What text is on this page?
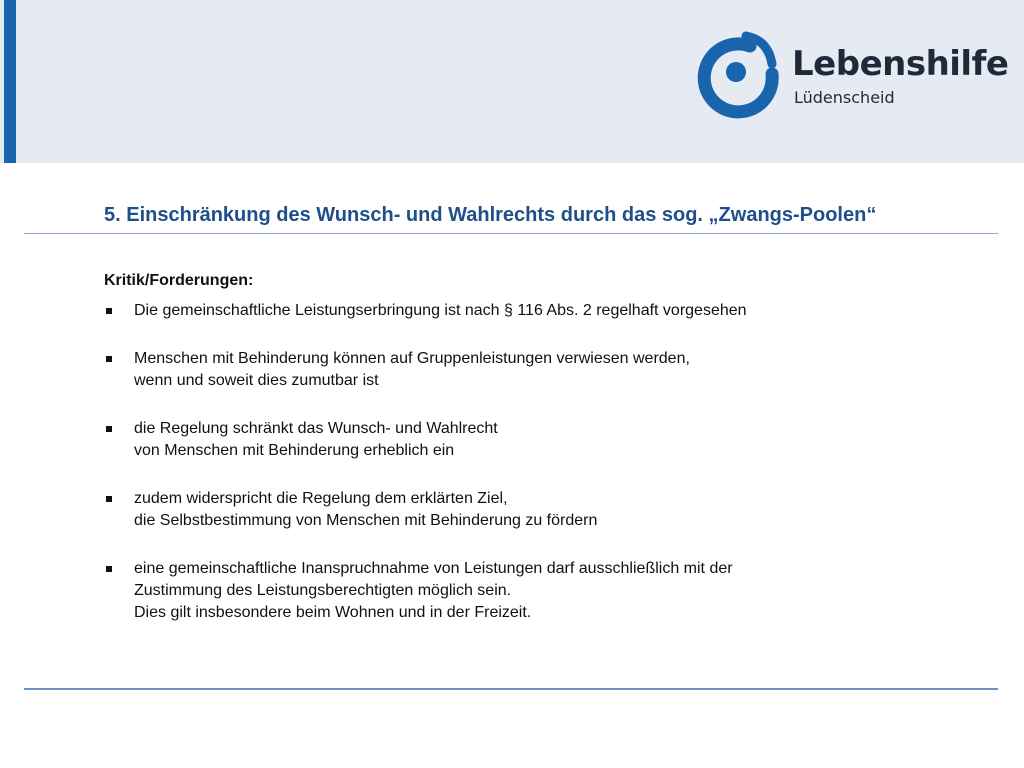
Lebenshilfe
Lüdenscheid
5. Einschränkung des Wunsch- und Wahlrechts durch das sog. „Zwangs-Poolen“
Kritik/Forderungen:
Die gemeinschaftliche Leistungserbringung ist nach § 116 Abs. 2 regelhaft vorgesehen
Menschen mit Behinderung können auf Gruppenleistungen verwiesen werden,
wenn und soweit dies zumutbar ist
die Regelung schränkt das Wunsch- und Wahlrecht
von Menschen mit Behinderung erheblich ein
zudem widerspricht die Regelung dem erklärten Ziel,
die Selbstbestimmung von Menschen mit Behinderung zu fördern
eine gemeinschaftliche Inanspruchnahme von Leistungen darf ausschließlich mit der
Zustimmung des Leistungsberechtigten möglich sein.
Dies gilt insbesondere beim Wohnen und in der Freizeit.
